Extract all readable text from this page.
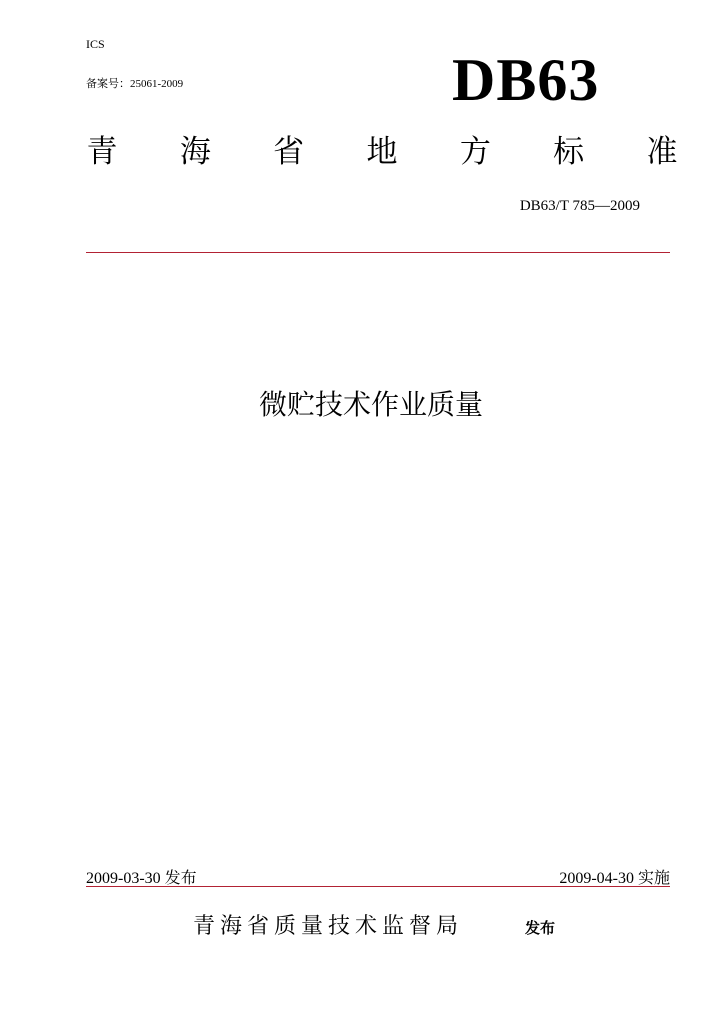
ICS
备案号：25061-2009	DB63
青 海 省 地 方 标 准
DB63/T 785—2009
微贮技术作业质量
2009-03-30 发布	2009-04-30 实施
青海省质量技术监督局	发布
